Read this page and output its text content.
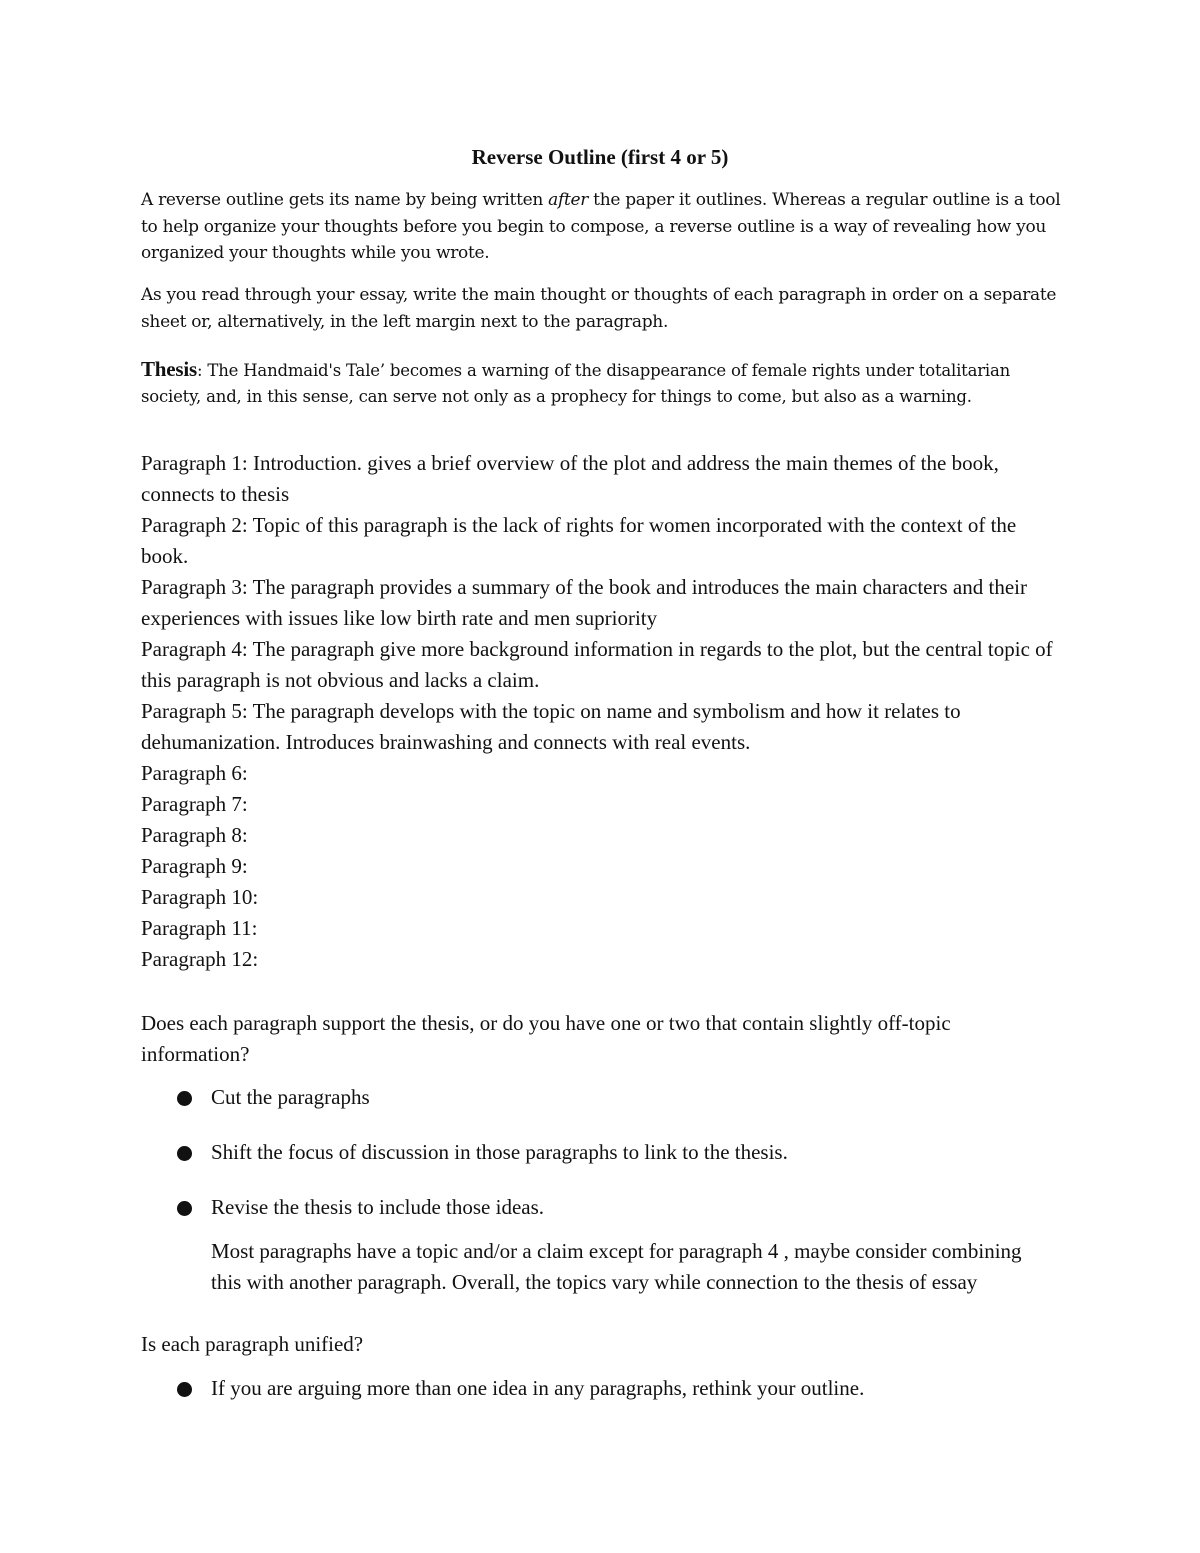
Reverse Outline (first 4 or 5)
A reverse outline gets its name by being written after the paper it outlines. Whereas a regular outline is a tool to help organize your thoughts before you begin to compose, a reverse outline is a way of revealing how you organized your thoughts while you wrote.
As you read through your essay, write the main thought or thoughts of each paragraph in order on a separate sheet or, alternatively, in the left margin next to the paragraph.
Thesis: The Handmaid's Tale’ becomes a warning of the disappearance of female rights under totalitarian society, and, in this sense, can serve not only as a prophecy for things to come, but also as a warning.
Paragraph 1: Introduction. gives a brief overview of the plot and address the main themes of the book, connects to thesis
Paragraph 2: Topic of this paragraph is the lack of rights for women incorporated with the context of the book.
Paragraph 3: The paragraph provides a summary of the book and introduces the main characters and their experiences with issues like low birth rate and men supriority
Paragraph 4: The paragraph give more background information in regards to the plot, but the central topic of this paragraph is not obvious and lacks a claim.
Paragraph 5: The paragraph develops with the topic on name and symbolism and how it relates to dehumanization. Introduces brainwashing and connects with real events.
Paragraph 6:
Paragraph 7:
Paragraph 8:
Paragraph 9:
Paragraph 10:
Paragraph 11:
Paragraph 12:
Does each paragraph support the thesis, or do you have one or two that contain slightly off-topic information?
Cut the paragraphs
Shift the focus of discussion in those paragraphs to link to the thesis.
Revise the thesis to include those ideas.
Most paragraphs have a topic and/or a claim except for paragraph 4 , maybe consider combining this with another paragraph. Overall, the topics vary while connection to the thesis of essay
Is each paragraph unified?
If you are arguing more than one idea in any paragraphs, rethink your outline.
